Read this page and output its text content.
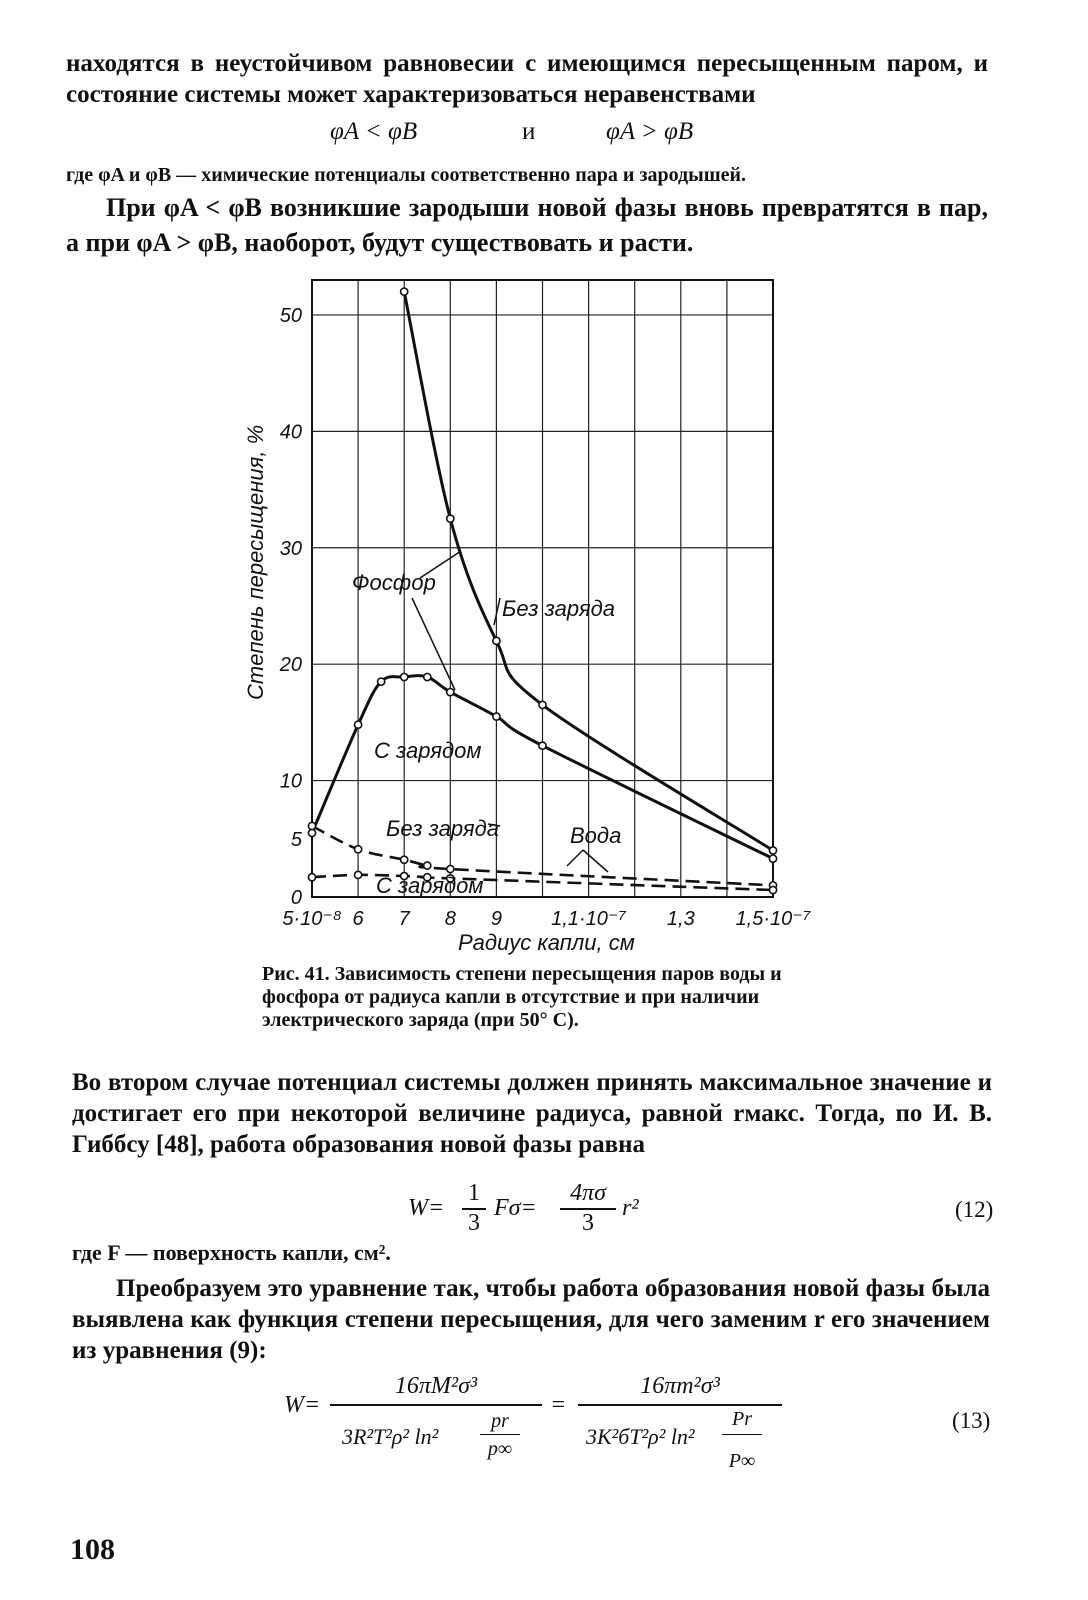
находятся в неустойчивом равновесии с имеющимся пересыщенным паром, и состояние системы может характеризоваться неравенствами

φA < φB	и	φA > φB

где φA и φB — химические потенциалы соответственно пара и зародышей.

При φA < φB возникшие зародыши новой фазы вновь превратятся в пар, а при φA > φB, наоборот, будут существовать и расти.

5·10⁻⁸ 6 7 8 9 1,1·10⁻⁷ 1,3 1,5·10⁻⁷
0
5
10
20
30
40
50
Степень пересыщения, %
Радиус капли, см
Фосфор
Без заряда
С зарядом
Без заряда	Вода
С зарядом
Рис. 41. Зависимость степени пересыщения паров воды и фосфора от радиуса капли в отсутствие и при наличии электрического заряда (при 50° С).

Во втором случае потенциал системы должен принять максимальное значение и достигает его при некоторой величине радиуса, равной rмакс. Тогда, по И. В. Гиббсу [48], работа образования новой фазы равна

W=
1
3
Fσ=
4πσ
3
r²	(12)

где F — поверхность капли, см².

Преобразуем это уравнение так, чтобы работа образования новой фазы была выявлена как функция степени пересыщения, для чего заменим r его значением из уравнения (9):

W=
16πM²σ³
3R²T²ρ² ln²
pr
p∞
=
16πm²σ³
3K²бT²ρ² ln²
Pr
P∞
(13)
108
